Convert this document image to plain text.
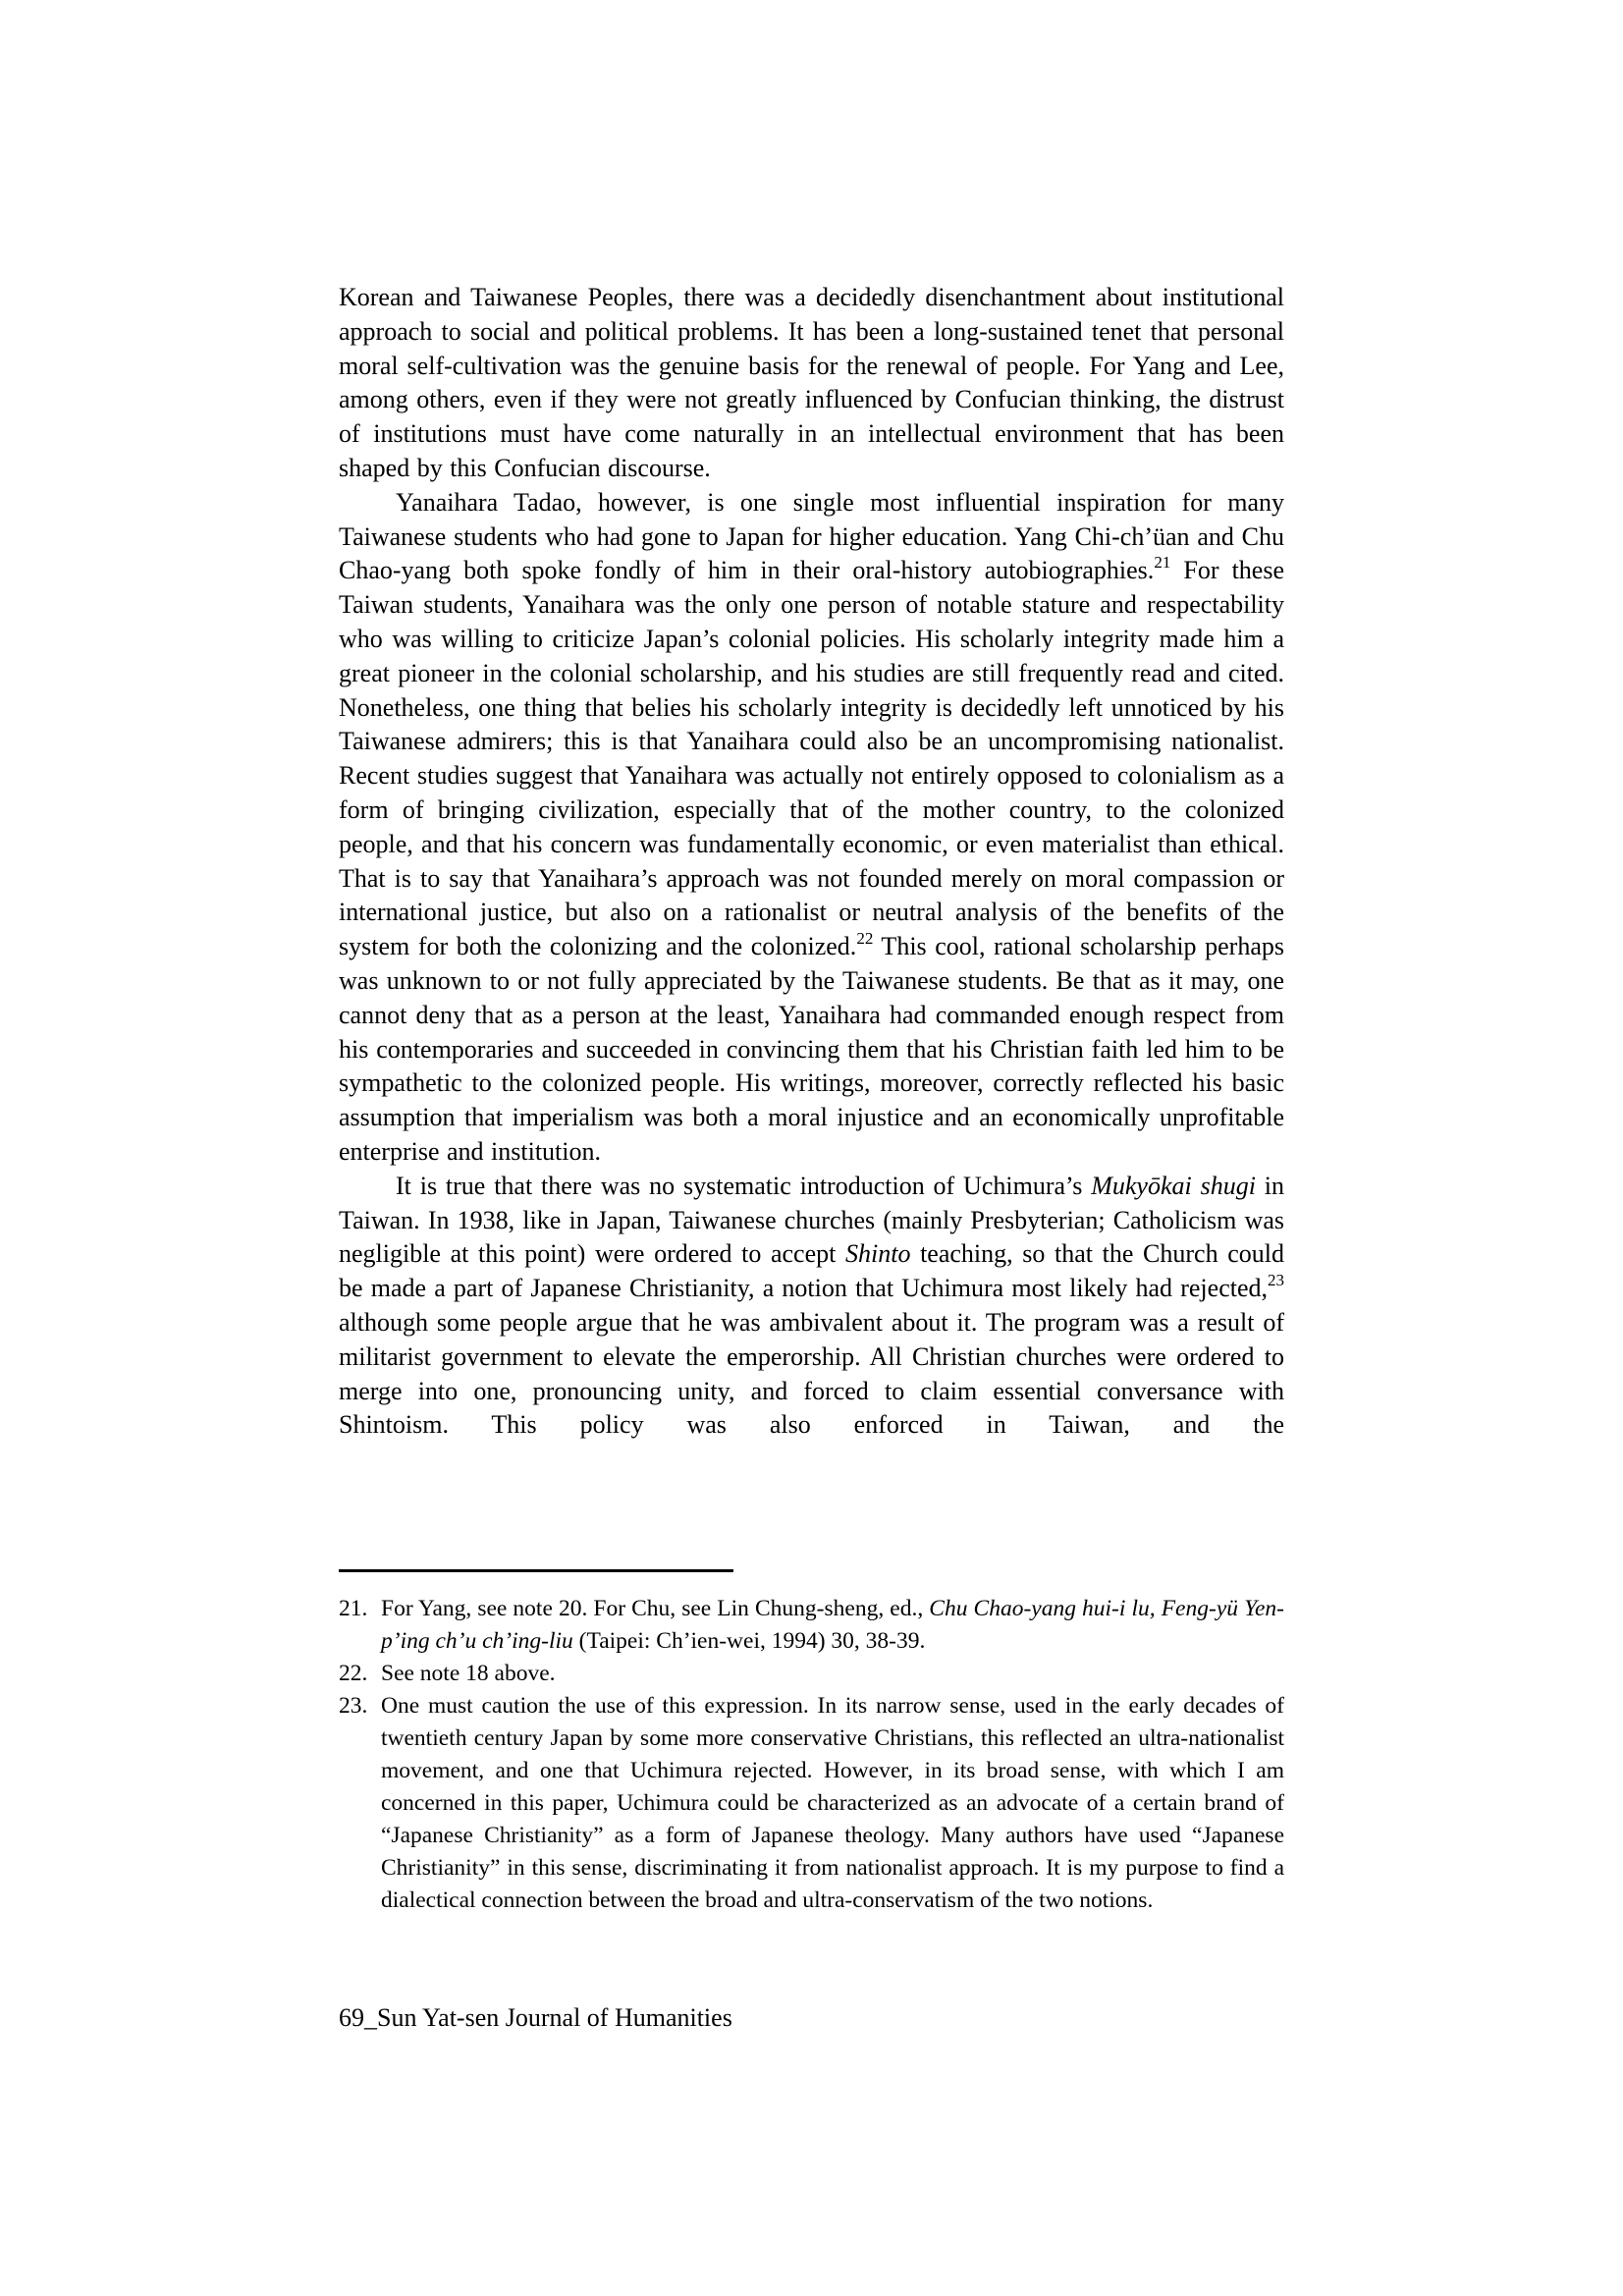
Korean and Taiwanese Peoples, there was a decidedly disenchantment about institutional approach to social and political problems. It has been a long-sustained tenet that personal moral self-cultivation was the genuine basis for the renewal of people. For Yang and Lee, among others, even if they were not greatly influenced by Confucian thinking, the distrust of institutions must have come naturally in an intellectual environment that has been shaped by this Confucian discourse.

Yanaihara Tadao, however, is one single most influential inspiration for many Taiwanese students who had gone to Japan for higher education. Yang Chi-ch’üan and Chu Chao-yang both spoke fondly of him in their oral-history autobiographies.$^{21}$ For these Taiwan students, Yanaihara was the only one person of notable stature and respectability who was willing to criticize Japan’s colonial policies. His scholarly integrity made him a great pioneer in the colonial scholarship, and his studies are still frequently read and cited. Nonetheless, one thing that belies his scholarly integrity is decidedly left unnoticed by his Taiwanese admirers; this is that Yanaihara could also be an uncompromising nationalist. Recent studies suggest that Yanaihara was actually not entirely opposed to colonialism as a form of bringing civilization, especially that of the mother country, to the colonized people, and that his concern was fundamentally economic, or even materialist than ethical. That is to say that Yanaihara’s approach was not founded merely on moral compassion or international justice, but also on a rationalist or neutral analysis of the benefits of the system for both the colonizing and the colonized.$^{22}$ This cool, rational scholarship perhaps was unknown to or not fully appreciated by the Taiwanese students. Be that as it may, one cannot deny that as a person at the least, Yanaihara had commanded enough respect from his contemporaries and succeeded in convincing them that his Christian faith led him to be sympathetic to the colonized people. His writings, moreover, correctly reflected his basic assumption that imperialism was both a moral injustice and an economically unprofitable enterprise and institution.

It is true that there was no systematic introduction of Uchimura’s Mukyōkai shugi in Taiwan. In 1938, like in Japan, Taiwanese churches (mainly Presbyterian; Catholicism was negligible at this point) were ordered to accept Shinto teaching, so that the Church could be made a part of Japanese Christianity, a notion that Uchimura most likely had rejected,$^{23}$ although some people argue that he was ambivalent about it. The program was a result of militarist government to elevate the emperorship. All Christian churches were ordered to merge into one, pronouncing unity, and forced to claim essential conversance with Shintoism. This policy was also enforced in Taiwan, and the

21. For Yang, see note 20. For Chu, see Lin Chung-sheng, ed., Chu Chao-yang hui-i lu, Feng-yü Yen-p’ing ch’u ch’ing-liu (Taipei: Ch’ien-wei, 1994) 30, 38-39.
22. See note 18 above.
23. One must caution the use of this expression. In its narrow sense, used in the early decades of twentieth century Japan by some more conservative Christians, this reflected an ultra-nationalist movement, and one that Uchimura rejected. However, in its broad sense, with which I am concerned in this paper, Uchimura could be characterized as an advocate of a certain brand of “Japanese Christianity” as a form of Japanese theology. Many authors have used “Japanese Christianity” in this sense, discriminating it from nationalist approach. It is my purpose to find a dialectical connection between the broad and ultra-conservatism of the two notions.
69_Sun Yat-sen Journal of Humanities
